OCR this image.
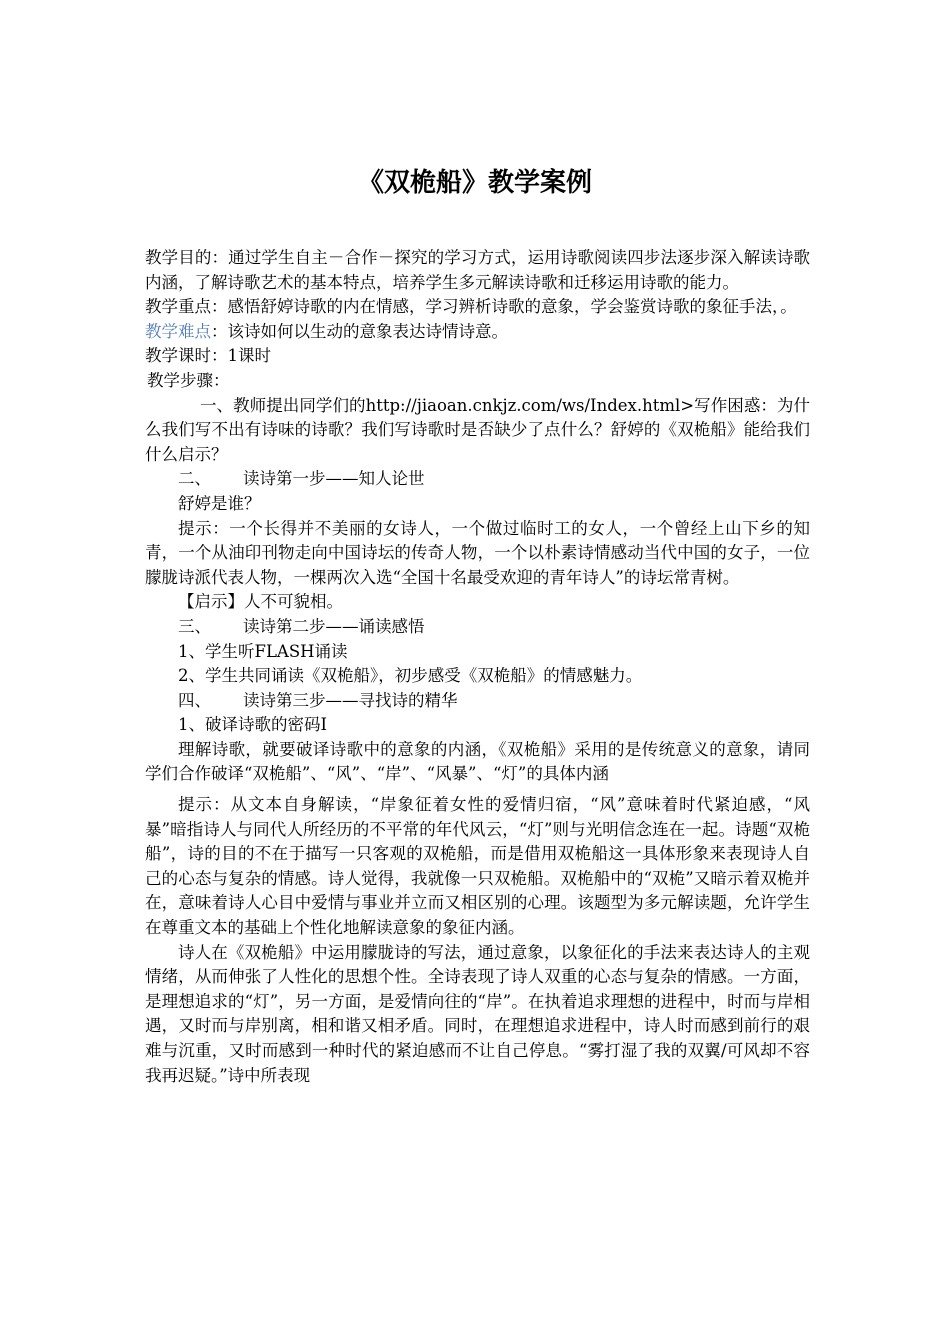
《双桅船》教学案例

教学目的：通过学生自主－合作－探究的学习方式，运用诗歌阅读四步法逐步深入解读诗歌内涵，了解诗歌艺术的基本特点，培养学生多元解读诗歌和迁移运用诗歌的能力。

教学重点：感悟舒婷诗歌的内在情感，学习辨析诗歌的意象，学会鉴赏诗歌的象征手法，。

教学难点：该诗如何以生动的意象表达诗情诗意。

教学课时：1课时

教学步骤：

一、教师提出同学们的http://jiaoan.cnkjz.com/ws/Index.html>写作困惑：为什么我们写不出有诗味的诗歌？我们写诗歌时是否缺少了点什么？舒婷的《双桅船》能给我们什么启示？

二、 读诗第一步——知人论世

舒婷是谁？

提示：一个长得并不美丽的女诗人，一个做过临时工的女人，一个曾经上山下乡的知青，一个从油印刊物走向中国诗坛的传奇人物，一个以朴素诗情感动当代中国的女子，一位朦胧诗派代表人物，一棵两次入选“全国十名最受欢迎的青年诗人”的诗坛常青树。

【启示】人不可貌相。

三、 读诗第二步——诵读感悟

1、学生听FLASH诵读

2、学生共同诵读《双桅船》，初步感受《双桅船》的情感魅力。

四、 读诗第三步——寻找诗的精华

1、破译诗歌的密码Ⅰ

理解诗歌，就要破译诗歌中的意象的内涵，《双桅船》采用的是传统意义的意象，请同学们合作破译“双桅船”、“风”、“岸”、“风暴”、“灯”的具体内涵

提示：从文本自身解读，“岸象征着女性的爱情归宿，“风”意味着时代紧迫感，“风暴”暗指诗人与同代人所经历的不平常的年代风云，“灯”则与光明信念连在一起。诗题“双桅船”，诗的目的不在于描写一只客观的双桅船，而是借用双桅船这一具体形象来表现诗人自己的心态与复杂的情感。诗人觉得，我就像一只双桅船。双桅船中的“双桅”又暗示着双桅并在，意味着诗人心目中爱情与事业并立而又相区别的心理。该题型为多元解读题，允许学生在尊重文本的基础上个性化地解读意象的象征内涵。

诗人在《双桅船》中运用朦胧诗的写法，通过意象，以象征化的手法来表达诗人的主观情绪，从而伸张了人性化的思想个性。全诗表现了诗人双重的心态与复杂的情感。一方面，是理想追求的“灯”，另一方面，是爱情向往的“岸”。在执着追求理想的进程中，时而与岸相遇，又时而与岸别离，相和谐又相矛盾。同时，在理想追求进程中，诗人时而感到前行的艰难与沉重，又时而感到一种时代的紧迫感而不让自己停息。“雾打湿了我的双翼/可风却不容我再迟疑。”诗中所表现
